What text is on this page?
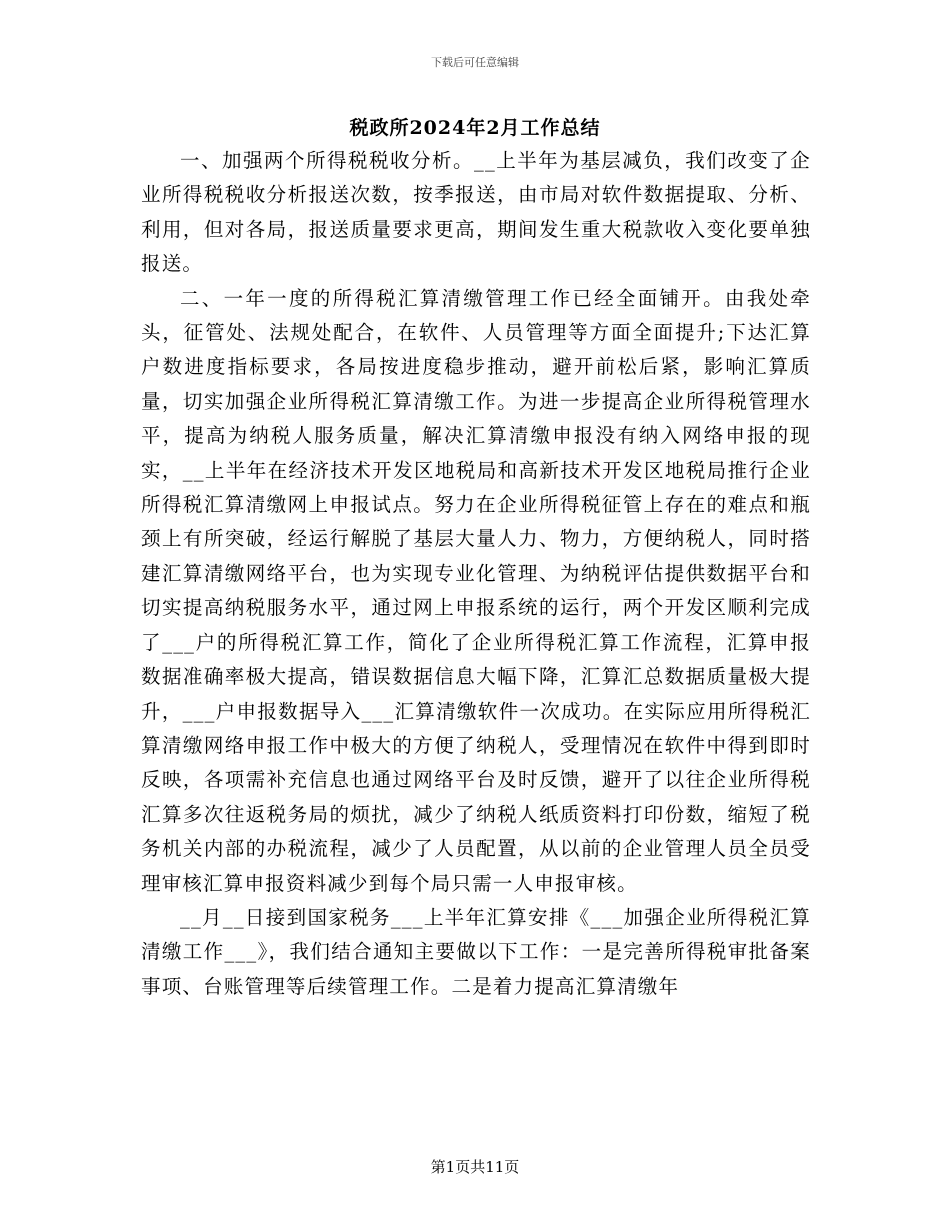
下载后可任意编辑
税政所2024年2月工作总结

一、加强两个所得税税收分析。__上半年为基层减负，我们改变了企业所得税税收分析报送次数，按季报送，由市局对软件数据提取、分析、利用，但对各局，报送质量要求更高，期间发生重大税款收入变化要单独报送。

二、一年一度的所得税汇算清缴管理工作已经全面铺开。由我处牵头，征管处、法规处配合，在软件、人员管理等方面全面提升;下达汇算户数进度指标要求，各局按进度稳步推动，避开前松后紧，影响汇算质量，切实加强企业所得税汇算清缴工作。为进一步提高企业所得税管理水平，提高为纳税人服务质量，解决汇算清缴申报没有纳入网络申报的现实，__上半年在经济技术开发区地税局和高新技术开发区地税局推行企业所得税汇算清缴网上申报试点。努力在企业所得税征管上存在的难点和瓶颈上有所突破，经运行解脱了基层大量人力、物力，方便纳税人，同时搭建汇算清缴网络平台，也为实现专业化管理、为纳税评估提供数据平台和切实提高纳税服务水平，通过网上申报系统的运行，两个开发区顺利完成了___户的所得税汇算工作，简化了企业所得税汇算工作流程，汇算申报数据准确率极大提高，错误数据信息大幅下降，汇算汇总数据质量极大提升，___户申报数据导入___汇算清缴软件一次成功。在实际应用所得税汇算清缴网络申报工作中极大的方便了纳税人，受理情况在软件中得到即时反映，各项需补充信息也通过网络平台及时反馈，避开了以往企业所得税汇算多次往返税务局的烦扰，减少了纳税人纸质资料打印份数，缩短了税务机关内部的办税流程，减少了人员配置，从以前的企业管理人员全员受理审核汇算申报资料减少到每个局只需一人申报审核。

__月__日接到国家税务___上半年汇算安排《___加强企业所得税汇算清缴工作___》，我们结合通知主要做以下工作：一是完善所得税审批备案事项、台账管理等后续管理工作。二是着力提高汇算清缴年

第1页共11页
